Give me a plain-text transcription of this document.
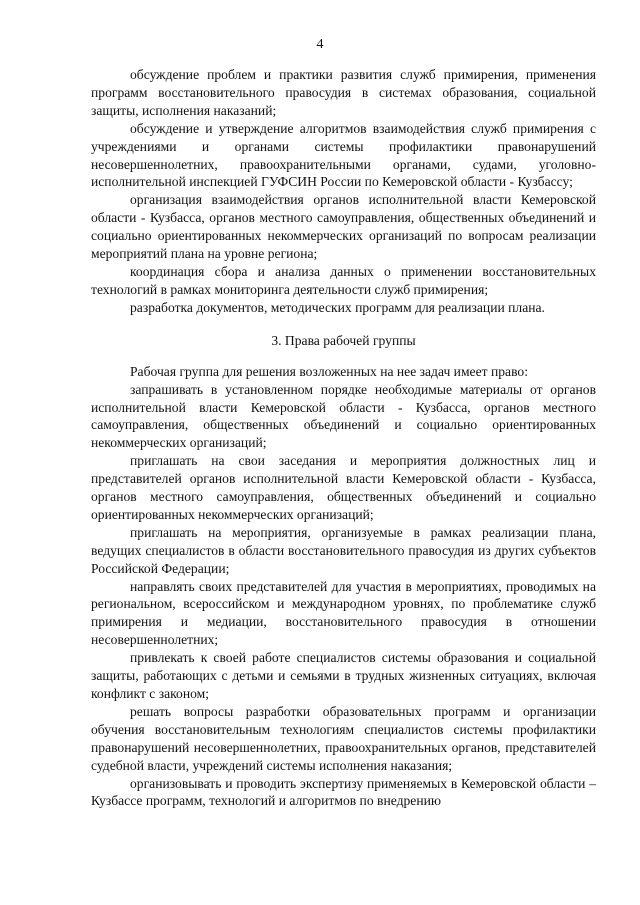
4

обсуждение проблем и практики развития служб примирения, применения программ восстановительного правосудия в системах образования, социальной защиты, исполнения наказаний;

обсуждение и утверждение алгоритмов взаимодействия служб примирения с учреждениями и органами системы профилактики правонарушений несовершеннолетних, правоохранительными органами, судами, уголовно-исполнительной инспекцией ГУФСИН России по Кемеровской области - Кузбассу;

организация взаимодействия органов исполнительной власти Кемеровской области - Кузбасса, органов местного самоуправления, общественных объединений и социально ориентированных некоммерческих организаций по вопросам реализации мероприятий плана на уровне региона;

координация сбора и анализа данных о применении восстановительных технологий в рамках мониторинга деятельности служб примирения;

разработка документов, методических программ для реализации плана.

3. Права рабочей группы

Рабочая группа для решения возложенных на нее задач имеет право:

запрашивать в установленном порядке необходимые материалы от органов исполнительной власти Кемеровской области - Кузбасса, органов местного самоуправления, общественных объединений и социально ориентированных некоммерческих организаций;

приглашать на свои заседания и мероприятия должностных лиц и представителей органов исполнительной власти Кемеровской области - Кузбасса, органов местного самоуправления, общественных объединений и социально ориентированных некоммерческих организаций;

приглашать на мероприятия, организуемые в рамках реализации плана, ведущих специалистов в области восстановительного правосудия из других субъектов Российской Федерации;

направлять своих представителей для участия в мероприятиях, проводимых на региональном, всероссийском и международном уровнях, по проблематике служб примирения и медиации, восстановительного правосудия в отношении несовершеннолетних;

привлекать к своей работе специалистов системы образования и социальной защиты, работающих с детьми и семьями в трудных жизненных ситуациях, включая конфликт с законом;

решать вопросы разработки образовательных программ и организации обучения восстановительным технологиям специалистов системы профилактики правонарушений несовершеннолетних, правоохранительных органов, представителей судебной власти, учреждений системы исполнения наказания;

организовывать и проводить экспертизу применяемых в Кемеровской области – Кузбассе программ, технологий и алгоритмов по внедрению
